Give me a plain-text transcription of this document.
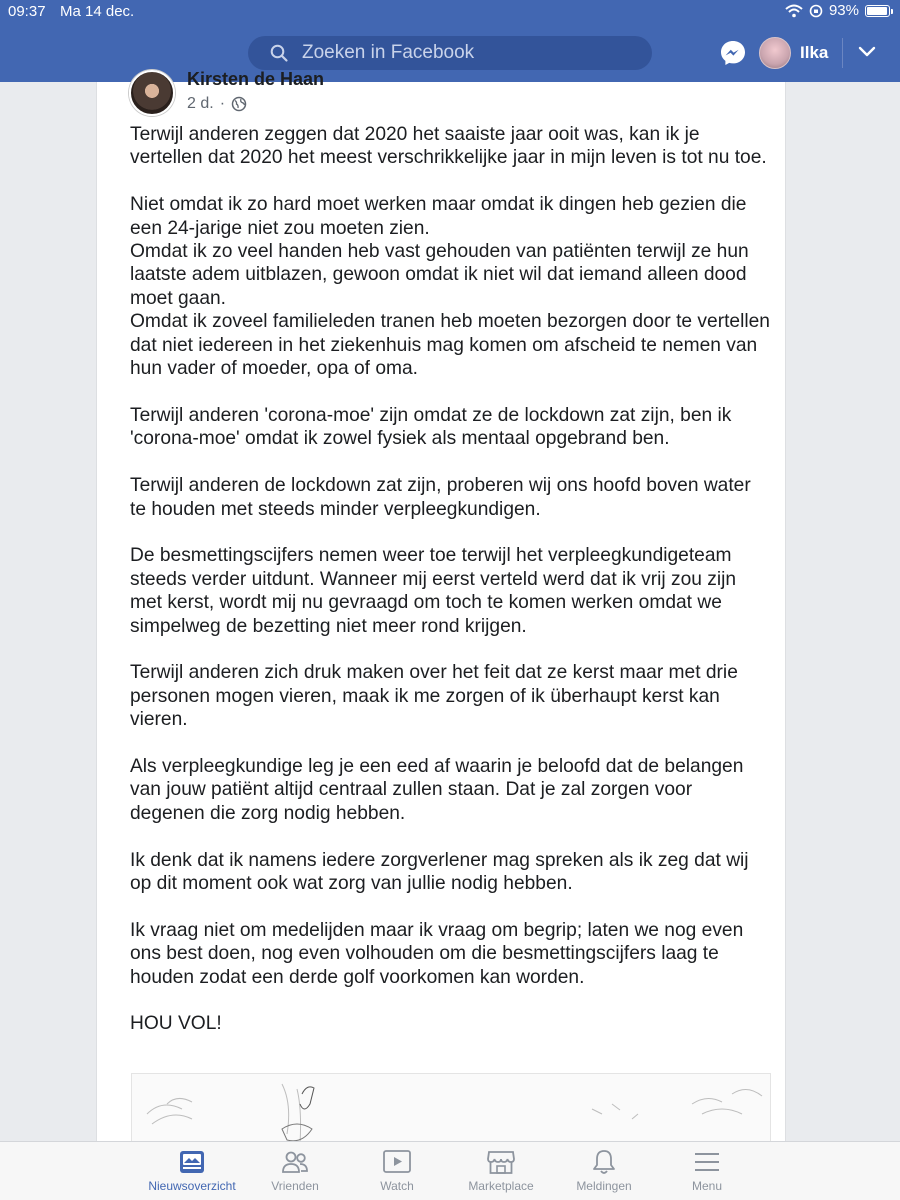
09:37 Ma 14 dec.	93%
Zoeken in Facebook
Ilka
Kirsten de Haan
2 d. ·
Terwijl anderen zeggen dat 2020 het saaiste jaar ooit was, kan ik je vertellen dat 2020 het meest verschrikkelijke jaar in mijn leven is tot nu toe.

Niet omdat ik zo hard moet werken maar omdat ik dingen heb gezien die een 24-jarige niet zou moeten zien.
Omdat ik zo veel handen heb vast gehouden van patiënten terwijl ze hun laatste adem uitblazen, gewoon omdat ik niet wil dat iemand alleen dood moet gaan.
Omdat ik zoveel familieleden tranen heb moeten bezorgen door te vertellen dat niet iedereen in het ziekenhuis mag komen om afscheid te nemen van hun vader of moeder, opa of oma.

Terwijl anderen 'corona-moe' zijn omdat ze de lockdown zat zijn, ben ik 'corona-moe' omdat ik zowel fysiek als mentaal opgebrand ben.

Terwijl anderen de lockdown zat zijn, proberen wij ons hoofd boven water te houden met steeds minder verpleegkundigen.

De besmettingscijfers nemen weer toe terwijl het verpleegkundigeteam steeds verder uitdunt. Wanneer mij eerst verteld werd dat ik vrij zou zijn met kerst, wordt mij nu gevraagd om toch te komen werken omdat we simpelweg de bezetting niet meer rond krijgen.

Terwijl anderen zich druk maken over het feit dat ze kerst maar met drie personen mogen vieren, maak ik me zorgen of ik überhaupt kerst kan vieren.

Als verpleegkundige leg je een eed af waarin je beloofd dat de belangen van jouw patiënt altijd centraal zullen staan. Dat je zal zorgen voor degenen die zorg nodig hebben.

Ik denk dat ik namens iedere zorgverlener mag spreken als ik zeg dat wij op dit moment ook wat zorg van jullie nodig hebben.

Ik vraag niet om medelijden maar ik vraag om begrip; laten we nog even ons best doen, nog even volhouden om die besmettingscijfers laag te houden zodat een derde golf voorkomen kan worden.

HOU VOL!
Nieuwsoverzicht	Vrienden	Watch	Marketplace	Meldingen	Menu
